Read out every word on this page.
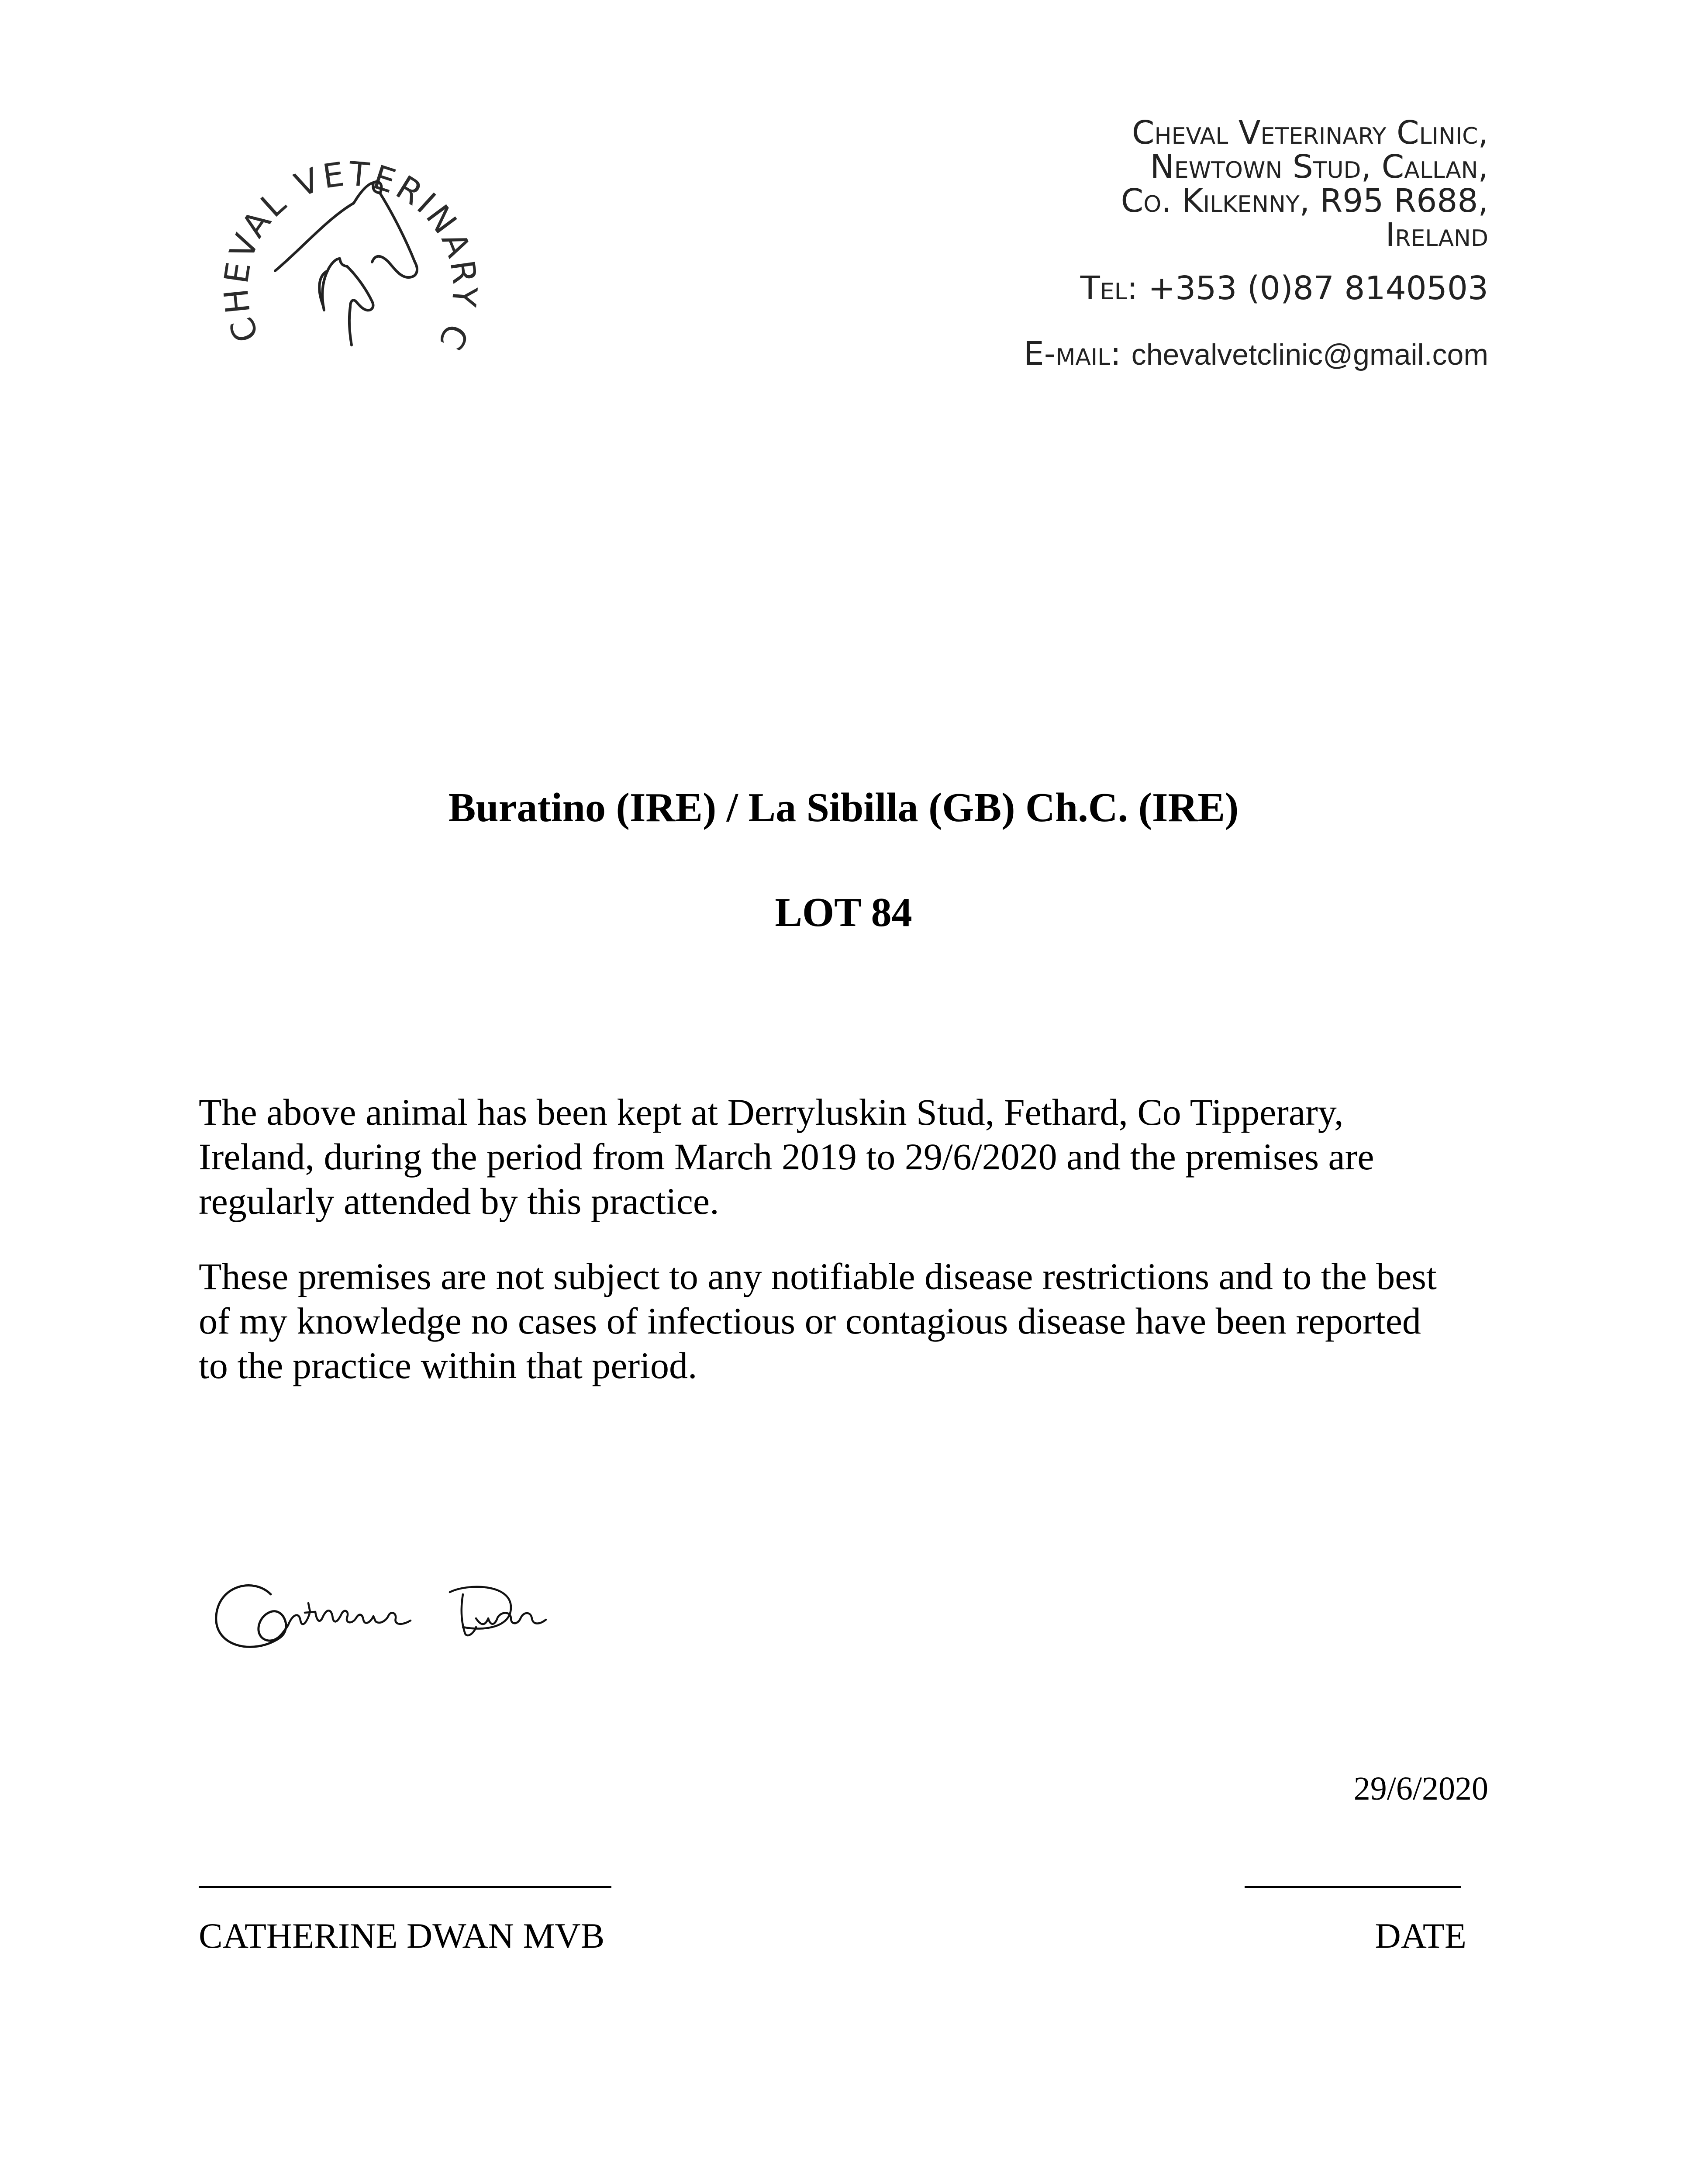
CHEVAL VETERINARY CLINIC	Cheval Veterinary Clinic,
Newtown Stud, Callan,
Co. Kilkenny, R95 R688,
Ireland
Tel: +353 (0)87 8140503
E-mail: chevalvetclinic@gmail.com
Buratino (IRE) / La Sibilla (GB) Ch.C. (IRE)
LOT 84
The above animal has been kept at Derryluskin Stud, Fethard, Co Tipperary,
Ireland, during the period from March 2019 to 29/6/2020 and the premises are
regularly attended by this practice.
These premises are not subject to any notifiable disease restrictions and to the best
of my knowledge no cases of infectious or contagious disease have been reported
to the practice within that period.
29/6/2020
CATHERINE DWAN MVB	DATE
